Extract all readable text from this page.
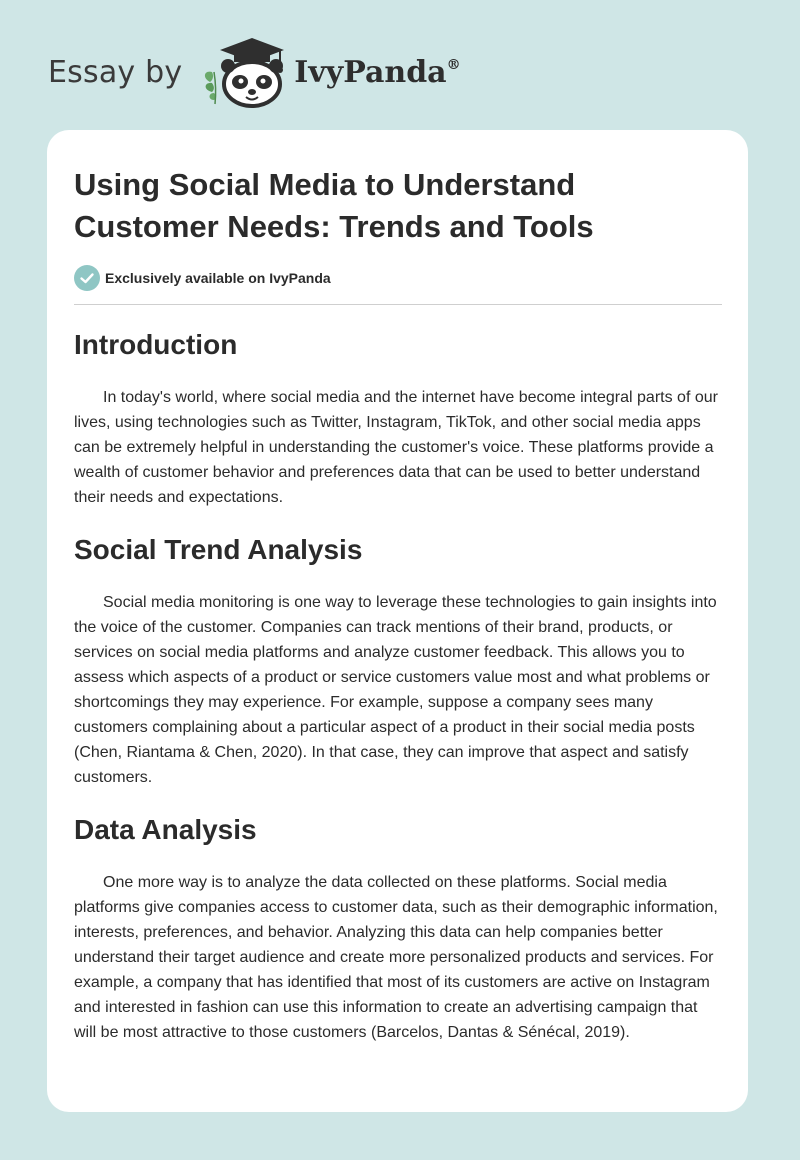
Essay by	IvyPanda®
Using Social Media to Understand Customer Needs: Trends and Tools
Exclusively available on IvyPanda
Introduction

In today's world, where social media and the internet have become integral parts of our lives, using technologies such as Twitter, Instagram, TikTok, and other social media apps can be extremely helpful in understanding the customer's voice. These platforms provide a wealth of customer behavior and preferences data that can be used to better understand their needs and expectations.

Social Trend Analysis

Social media monitoring is one way to leverage these technologies to gain insights into the voice of the customer. Companies can track mentions of their brand, products, or services on social media platforms and analyze customer feedback. This allows you to assess which aspects of a product or service customers value most and what problems or shortcomings they may experience. For example, suppose a company sees many customers complaining about a particular aspect of a product in their social media posts (Chen, Riantama & Chen, 2020). In that case, they can improve that aspect and satisfy customers.

Data Analysis

One more way is to analyze the data collected on these platforms. Social media platforms give companies access to customer data, such as their demographic information, interests, preferences, and behavior. Analyzing this data can help companies better understand their target audience and create more personalized products and services. For example, a company that has identified that most of its customers are active on Instagram and interested in fashion can use this information to create an advertising campaign that will be most attractive to those customers (Barcelos, Dantas & Sénécal, 2019).
